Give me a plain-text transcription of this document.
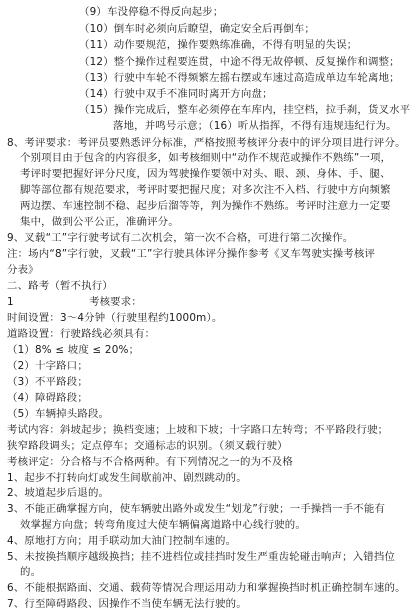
（9）车没停稳不得反向起步；
（10）倒车时必须向后瞭望，确定安全后再倒车；
（11）动作要规范，操作要熟练准确，不得有明显的失误；
（12）整个操作过程要连贯，中途不得无故停顿、反复操作和调整；
（13）行驶中车轮不得频繁左摇右摆或车速过高造成单边车轮离地；
（14）行驶中双手不准同时离开方向盘；
（15）操作完成后，整车必须停在车库内，挂空档，拉手刹，货叉水平
落地，并鸣号示意；（16）听从指挥，不得有违规违纪行为。
8、考评要求：考评员要熟悉评分标准，严格按照考核评分表中的评分项目进行评分。
个别项目由于包含的内容很多，如考核细则中“动作不规范或操作不熟练”一项，
考评时要把握好评分尺度，因为驾驶操作要领中对头、眼、颈、身体、手、腿、
脚等部位都有规范要求，考评时要把握尺度；对多次注不入档、行驶中方向频繁
两边摆、车速控制不稳、起步后溜等等，判为操作不熟练。考评时注意力一定要
集中，做到公平公正，准确评分。
9、叉载“工”字行驶考试有二次机会，第一次不合格，可进行第二次操作。
注：场内“8”字行驶，叉载“工”字行驶具体评分操作参考《叉车驾驶实操考核评
分表》
二、路考（暂不执行）
1	考核要求：
时间设置：3～4分钟（行驶里程约1000m）。
道路设置：行驶路线必须具有：
（1）8% ≤ 坡度 ≤ 20%；
（2）十字路口；
（3）不平路段；
（4）障碍路段；
（5）车辆掉头路段。
考试内容：斜坡起步；换档变速；上坡和下坡；十字路口左转弯；不平路段行驶；
狭窄路段调头；定点停车；交通标志的识别。（须叉载行驶）
考核评定：分合格与不合格两种。有下列情况之一的为不及格
1、起步不打转向灯或发生间歇前冲、剧烈跳动的。
2、坡道起步后退的。
3、不能正确掌握方向，使车辆驶出路外或发生“划龙”行驶；一手操挡一手不能有
效掌握方向盘；转弯角度过大使车辆偏离道路中心线行驶的。
4、原地打方向；用手联动加大油门控制车速的。
5、未按换挡顺序越级换挡；挂不进档位或挂挡时发生严重齿轮碰击响声；入错挡位
的。
6、不能根据路面、交通、载荷等情况合理运用动力和掌握换挡时机正确控制车速的。
7、行至障碍路段、因操作不当使车辆无法行驶的。
